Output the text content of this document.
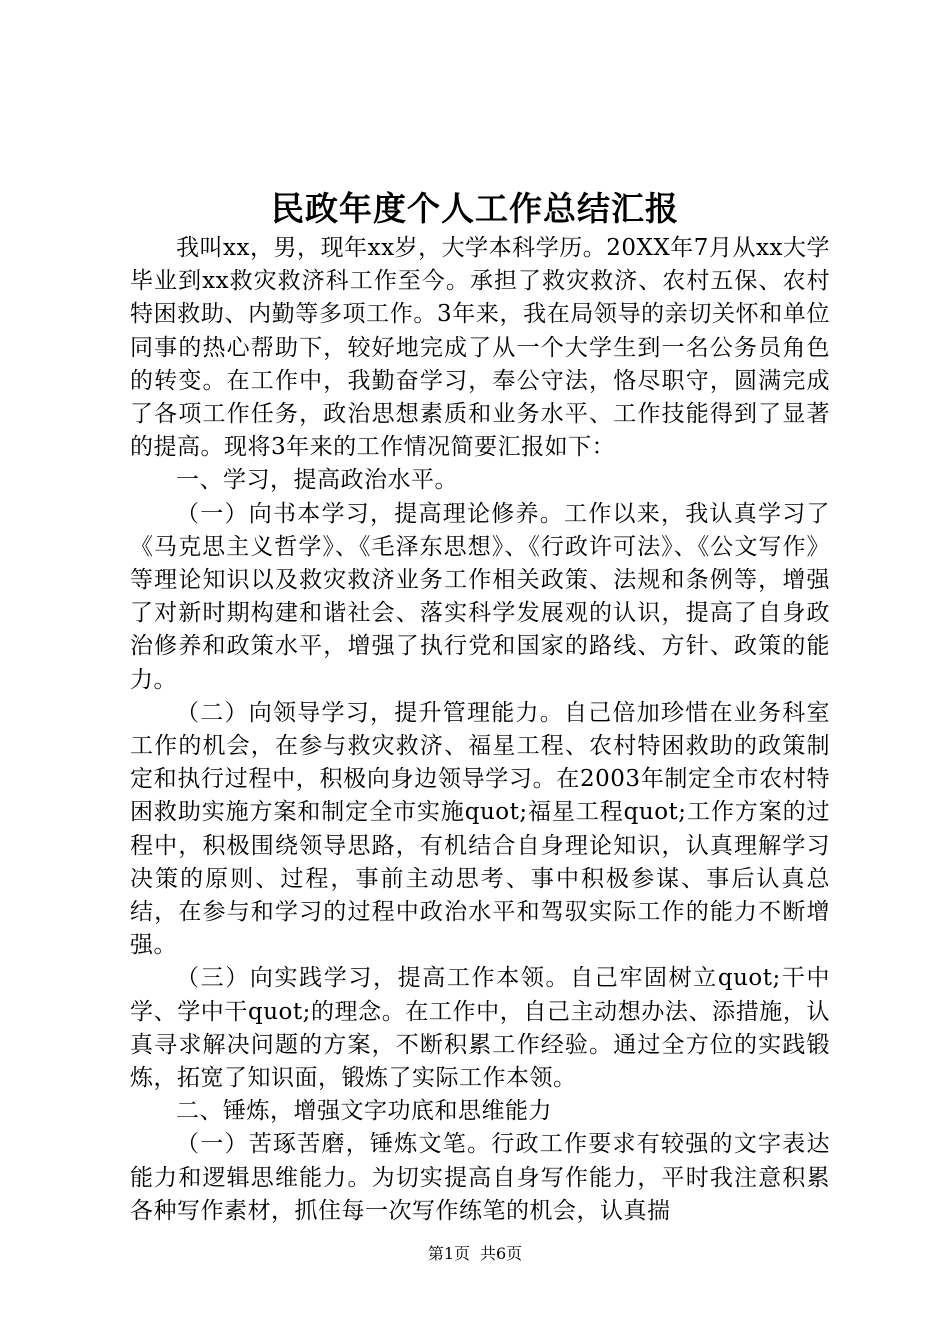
民政年度个人工作总结汇报

我叫xx，男，现年xx岁，大学本科学历。20XX年7月从xx大学毕业到xx救灾救济科工作至今。承担了救灾救济、农村五保、农村特困救助、内勤等多项工作。3年来，我在局领导的亲切关怀和单位同事的热心帮助下，较好地完成了从一个大学生到一名公务员角色的转变。在工作中，我勤奋学习，奉公守法，恪尽职守，圆满完成了各项工作任务，政治思想素质和业务水平、工作技能得到了显著的提高。现将3年来的工作情况简要汇报如下：

一、学习，提高政治水平。

（一）向书本学习，提高理论修养。工作以来，我认真学习了《马克思主义哲学》、《毛泽东思想》、《行政许可法》、《公文写作》等理论知识以及救灾救济业务工作相关政策、法规和条例等，增强了对新时期构建和谐社会、落实科学发展观的认识，提高了自身政治修养和政策水平，增强了执行党和国家的路线、方针、政策的能力。

（二）向领导学习，提升管理能力。自己倍加珍惜在业务科室工作的机会，在参与救灾救济、福星工程、农村特困救助的政策制定和执行过程中，积极向身边领导学习。在2003年制定全市农村特困救助实施方案和制定全市实施quot;福星工程quot;工作方案的过程中，积极围绕领导思路，有机结合自身理论知识，认真理解学习决策的原则、过程，事前主动思考、事中积极参谋、事后认真总结，在参与和学习的过程中政治水平和驾驭实际工作的能力不断增强。

（三）向实践学习，提高工作本领。自己牢固树立quot;干中学、学中干quot;的理念。在工作中，自己主动想办法、添措施，认真寻求解决问题的方案，不断积累工作经验。通过全方位的实践锻炼，拓宽了知识面，锻炼了实际工作本领。

二、锤炼，增强文字功底和思维能力

（一）苦琢苦磨，锤炼文笔。行政工作要求有较强的文字表达能力和逻辑思维能力。为切实提高自身写作能力，平时我注意积累各种写作素材，抓住每一次写作练笔的机会，认真揣

第1页 共6页
